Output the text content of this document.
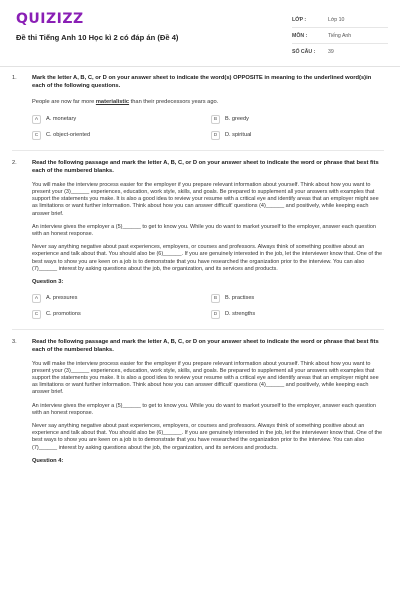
QUIZIZZ
Đề thi Tiếng Anh 10 Học kì 2 có đáp án (Đề 4)
LỚP :	Lớp 10
MÔN :	Tiếng Anh
SỐ CÂU :	39
1.	Mark the letter A, B, C, or D on your answer sheet to indicate the word(s) OPPOSITE in meaning to the underlined word(s)in each of the following questions.
People are now far more materialistic than their predecessors years ago.
A	A. monetary	B	B. greedy
C	C. object-oriented	D	D. spiritual
2.	Read the following passage and mark the letter A, B, C, or D on your answer sheet to indicate the word or phrase that best fits each of the numbered blanks.

You will make the interview process easier for the employer if you prepare relevant information about yourself. Think about how you want to present your (3)______ experiences, education, work style, skills, and goals. Be prepared to supplement all your answers with examples that support the statements you make. It is also a good idea to review your resume with a critical eye and identify areas that an employer might see as limitations or want further information. Think about how you can answer difficult' questions (4)______ and positively, while keeping each answer brief.

An interview gives the employer a (5)______ to get to know you. While you do want to market yourself to the employer, answer each question with an honest response.

Never say anything negative about past experiences, employers, or courses and professors. Always think of something positive about an experience and talk about that. You should also be (6)______. If you are genuinely interested in the job, let the interviewer know that. One of the best ways to show you are keen on a job is to demonstrate that you have researched the organization prior to the interview. You can also (7)______ interest by asking questions about the job, the organization, and its services and products.

Question 3:
A	A. pressures	B	B. practises
C	C. promotions	D	D. strengths
3.	Read the following passage and mark the letter A, B, C, or D on your answer sheet to indicate the word or phrase that best fits each of the numbered blanks.

You will make the interview process easier for the employer if you prepare relevant information about yourself. Think about how you want to present your (3)______ experiences, education, work style, skills, and goals. Be prepared to supplement all your answers with examples that support the statements you make. It is also a good idea to review your resume with a critical eye and identify areas that an employer might see as limitations or want further information. Think about how you can answer difficult' questions (4)______ and positively, while keeping each answer brief.

An interview gives the employer a (5)______ to get to know you. While you do want to market yourself to the employer, answer each question with an honest response.

Never say anything negative about past experiences, employers, or courses and professors. Always think of something positive about an experience and talk about that. You should also be (6)______. If you are genuinely interested in the job, let the interviewer know that. One of the best ways to show you are keen on a job is to demonstrate that you have researched the organization prior to the interview. You can also (7)______ interest by asking questions about the job, the organization, and its services and products.

Question 4:
